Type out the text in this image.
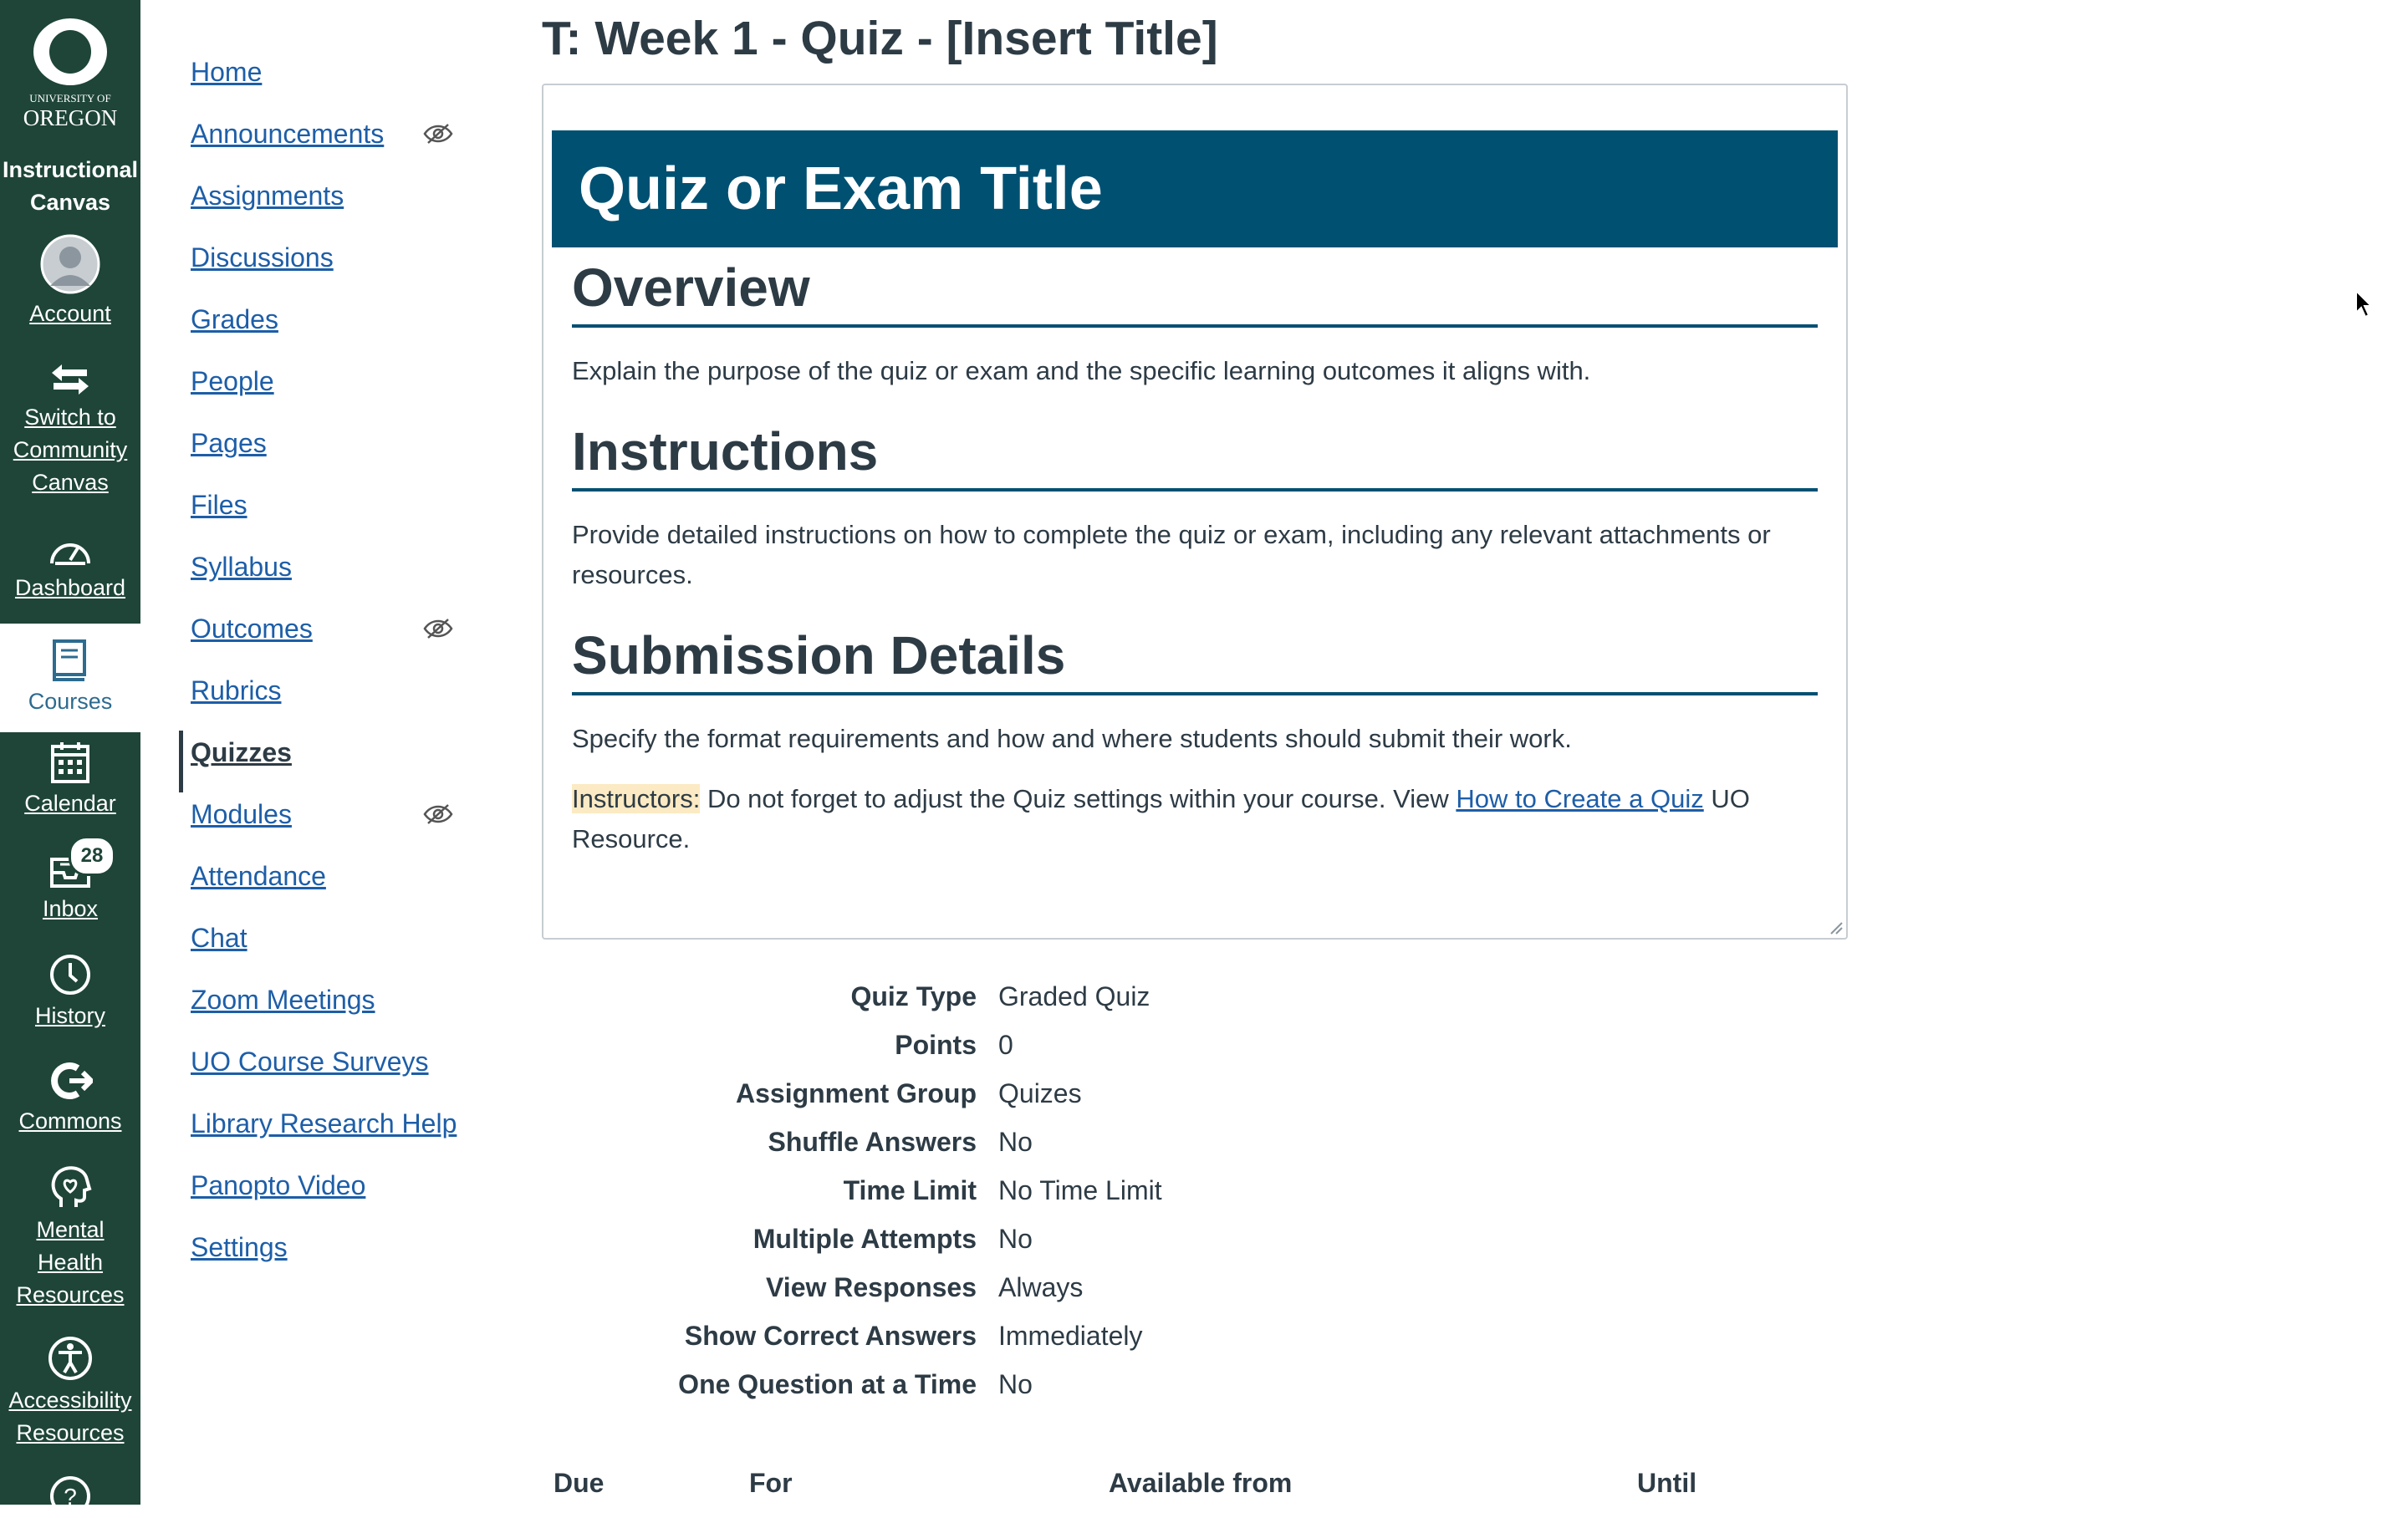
UNIVERSITY OF
OREGON
Instructional
Canvas
Account
Switch to Community Canvas
Dashboard
Courses
Calendar
Inbox
28
History
Commons
Mental Health Resources
Accessibility Resources
?
Home
Announcements
Assignments
Discussions
Grades
People
Pages
Files
Syllabus
Outcomes
Rubrics
Quizzes
Modules
Attendance
Chat
Zoom Meetings
UO Course Surveys
Library Research Help
Panopto Video
Settings
T: Week 1 - Quiz - [Insert Title]
Quiz or Exam Title
Overview
Explain the purpose of the quiz or exam and the specific learning outcomes it aligns with.
Instructions
Provide detailed instructions on how to complete the quiz or exam, including any relevant attachments or resources.
Submission Details
Specify the format requirements and how and where students should submit their work.
Instructors: Do not forget to adjust the Quiz settings within your course. View How to Create a Quiz UO Resource.
Quiz Type Graded Quiz
Points 0
Assignment Group Quizes
Shuffle Answers No
Time Limit No Time Limit
Multiple Attempts No
View Responses Always
Show Correct Answers Immediately
One Question at a Time No
Due	For	Available from	Until
